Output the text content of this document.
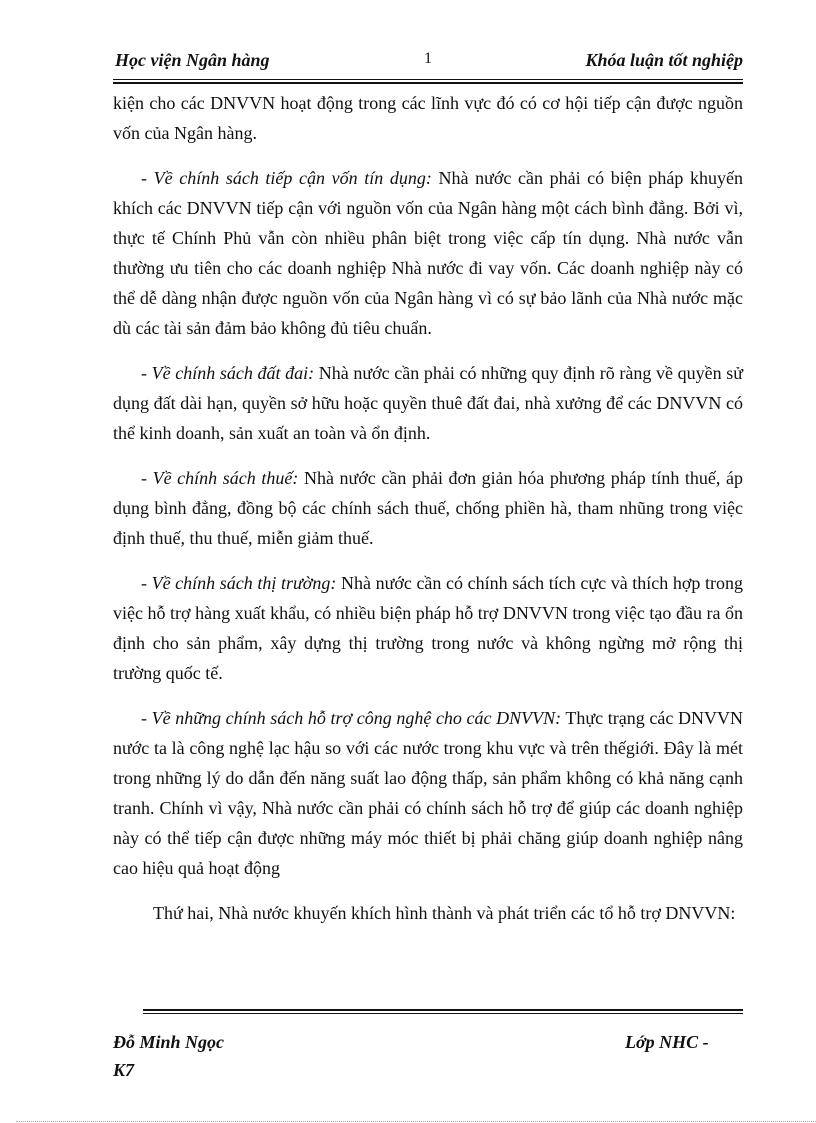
Học viện Ngân hàng	1	Khóa luận tốt nghiệp

kiện cho các DNVVN hoạt động trong các lĩnh vực đó có cơ hội tiếp cận được nguồn vốn của Ngân hàng.

- Về chính sách tiếp cận vốn tín dụng: Nhà nước cần phải có biện pháp khuyến khích các DNVVN tiếp cận với nguồn vốn của Ngân hàng một cách bình đẳng. Bởi vì, thực tế Chính Phủ vẫn còn nhiều phân biệt trong việc cấp tín dụng. Nhà nước vẫn thường ưu tiên cho các doanh nghiệp Nhà nước đi vay vốn. Các doanh nghiệp này có thể dễ dàng nhận được nguồn vốn của Ngân hàng vì có sự bảo lãnh của Nhà nước mặc dù các tài sản đảm bảo không đủ tiêu chuẩn.

- Về chính sách đất đai: Nhà nước cần phải có những quy định rõ ràng về quyền sử dụng đất dài hạn, quyền sở hữu hoặc quyền thuê đất đai, nhà xưởng để các DNVVN có thể kinh doanh, sản xuất an toàn và ổn định.

- Về chính sách thuế: Nhà nước cần phải đơn giản hóa phương pháp tính thuế, áp dụng bình đẳng, đồng bộ các chính sách thuế, chống phiền hà, tham nhũng trong việc định thuế, thu thuế, miễn giảm thuế.

- Về chính sách thị trường: Nhà nước cần có chính sách tích cực và thích hợp trong việc hỗ trợ hàng xuất khẩu, có nhiều biện pháp hỗ trợ DNVVN trong việc tạo đầu ra ổn định cho sản phẩm, xây dựng thị trường trong nước và không ngừng mở rộng thị trường quốc tế.

- Về những chính sách hỗ trợ công nghệ cho các DNVVN: Thực trạng các DNVVN nước ta là công nghệ lạc hậu so với các nước trong khu vực và trên thếgiới. Đây là mét trong những lý do dẫn đến năng suất lao động thấp, sản phẩm không có khả năng cạnh tranh. Chính vì vậy, Nhà nước cần phải có chính sách hỗ trợ để giúp các doanh nghiệp này có thể tiếp cận được những máy móc thiết bị phải chăng giúp doanh nghiệp nâng cao hiệu quả hoạt động

Thứ hai, Nhà nước khuyến khích hình thành và phát triển các tổ hỗ trợ DNVVN:

Đỗ Minh Ngọc
K7
Lớp NHC -
